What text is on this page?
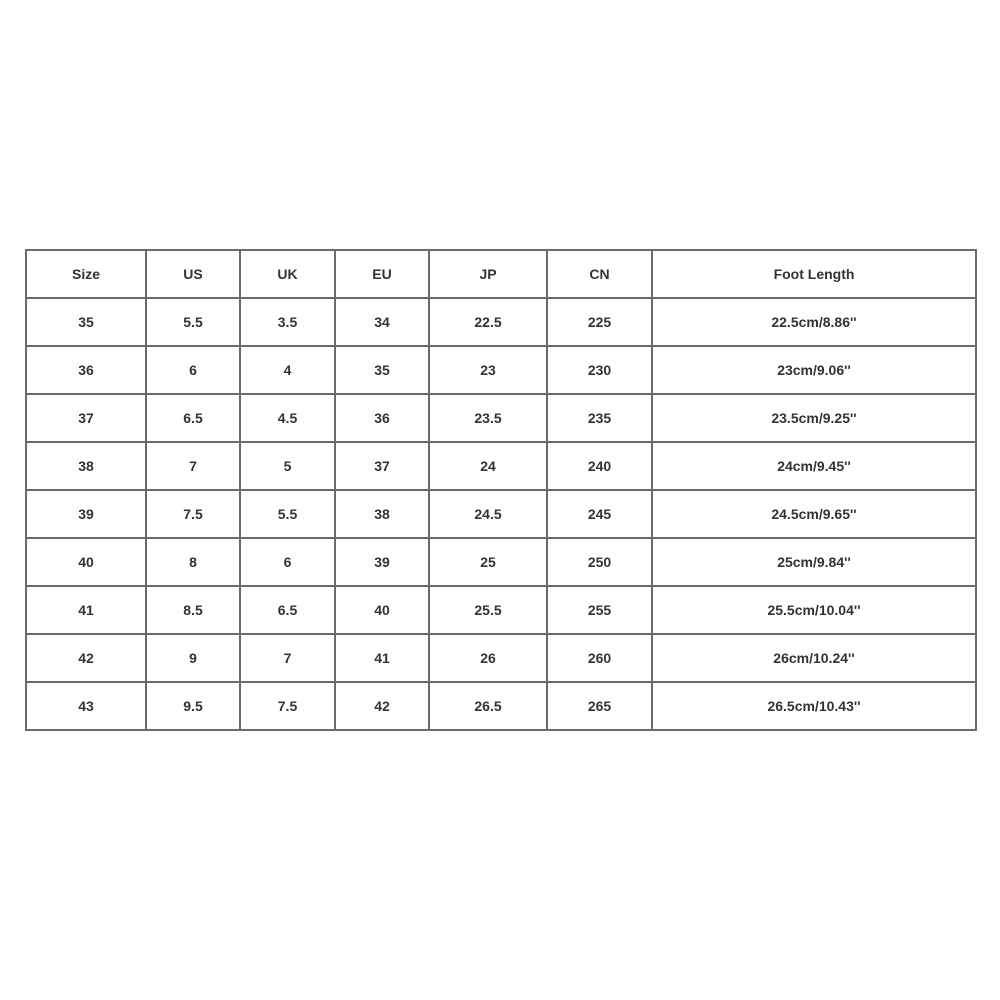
Size	US	UK	EU	JP	CN	Foot Length
35	5.5	3.5	34	22.5	225	22.5cm/8.86''
36	6	4	35	23	230	23cm/9.06''
37	6.5	4.5	36	23.5	235	23.5cm/9.25''
38	7	5	37	24	240	24cm/9.45''
39	7.5	5.5	38	24.5	245	24.5cm/9.65''
40	8	6	39	25	250	25cm/9.84''
41	8.5	6.5	40	25.5	255	25.5cm/10.04''
42	9	7	41	26	260	26cm/10.24''
43	9.5	7.5	42	26.5	265	26.5cm/10.43''
